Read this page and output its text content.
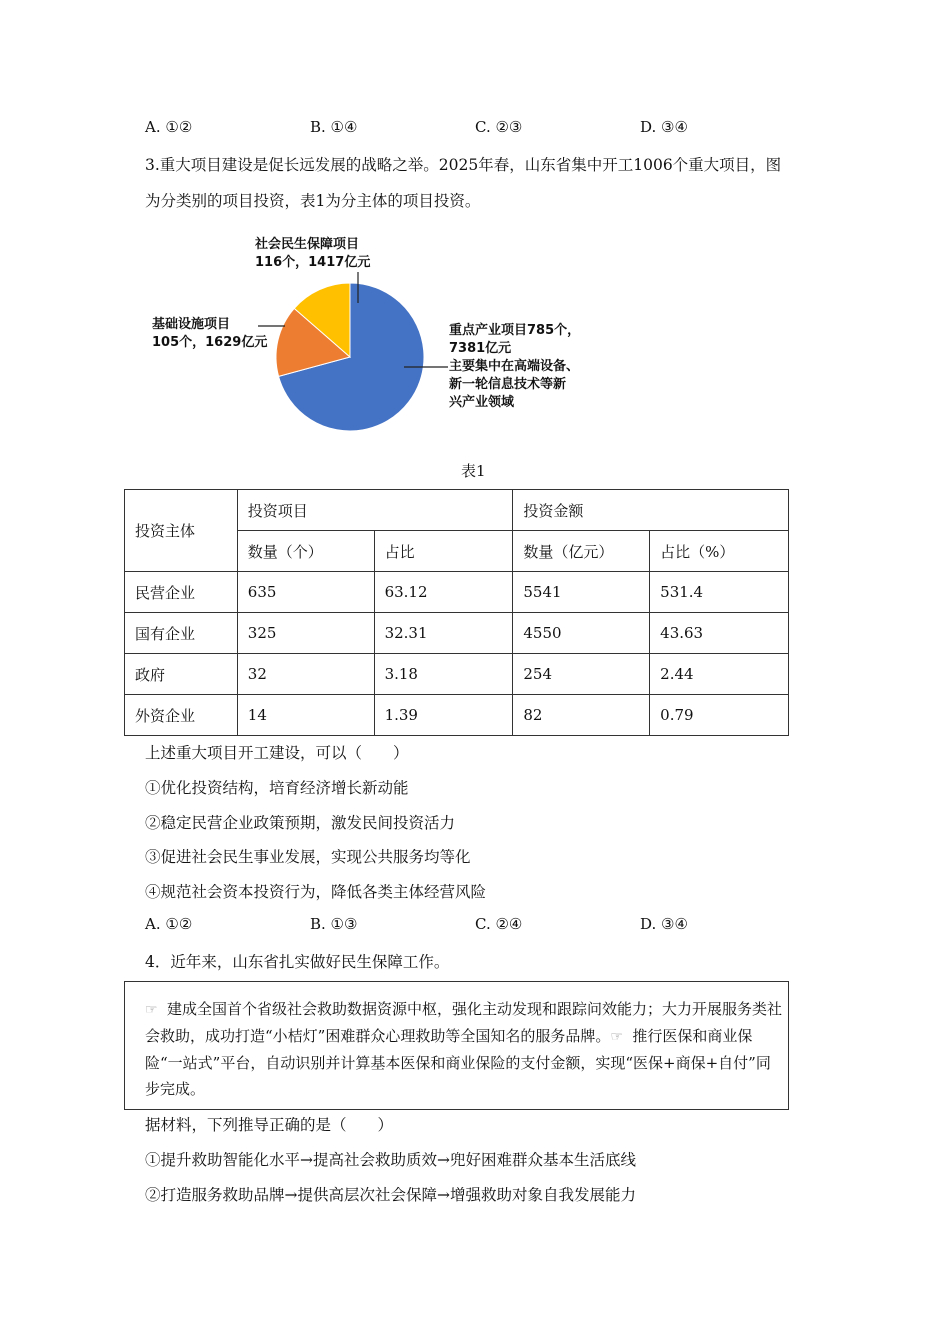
A. ①②	B. ①④	C. ②③	D. ③④
3.重大项目建设是促长远发展的战略之举。2025年春，山东省集中开工1006个重大项目，图
为分类别的项目投资，表1为分主体的项目投资。
社会民生保障项目
116个，1417亿元
基础设施项目
105个，1629亿元
重点产业项目785个，
7381亿元
主要集中在高端设备、
新一轮信息技术等新
兴产业领域
表1
投资主体	投资项目		投资金额	
	数量（个）	占比	数量（亿元）	占比（%）
民营企业	635	63.12	5541	531.4
国有企业	325	32.31	4550	43.63
政府	32	3.18	254	2.44
外资企业	14	1.39	82	0.79
上述重大项目开工建设，可以（　　）
①优化投资结构，培育经济增长新动能
②稳定民营企业政策预期，激发民间投资活力
③促进社会民生事业发展，实现公共服务均等化
④规范社会资本投资行为，降低各类主体经营风险
A. ①②	B. ①③	C. ②④	D. ③④
4．近年来，山东省扎实做好民生保障工作。
☞ 建成全国首个省级社会救助数据资源中枢，强化主动发现和跟踪问效能力；大力开展服务类社会救助，成功打造“小桔灯”困难群众心理救助等全国知名的服务品牌。☞ 推行医保和商业保险“一站式”平台，自动识别并计算基本医保和商业保险的支付金额，实现“医保+商保+自付”同步完成。
据材料，下列推导正确的是（　　）
①提升救助智能化水平→提高社会救助质效→兜好困难群众基本生活底线
②打造服务救助品牌→提供高层次社会保障→增强救助对象自我发展能力
